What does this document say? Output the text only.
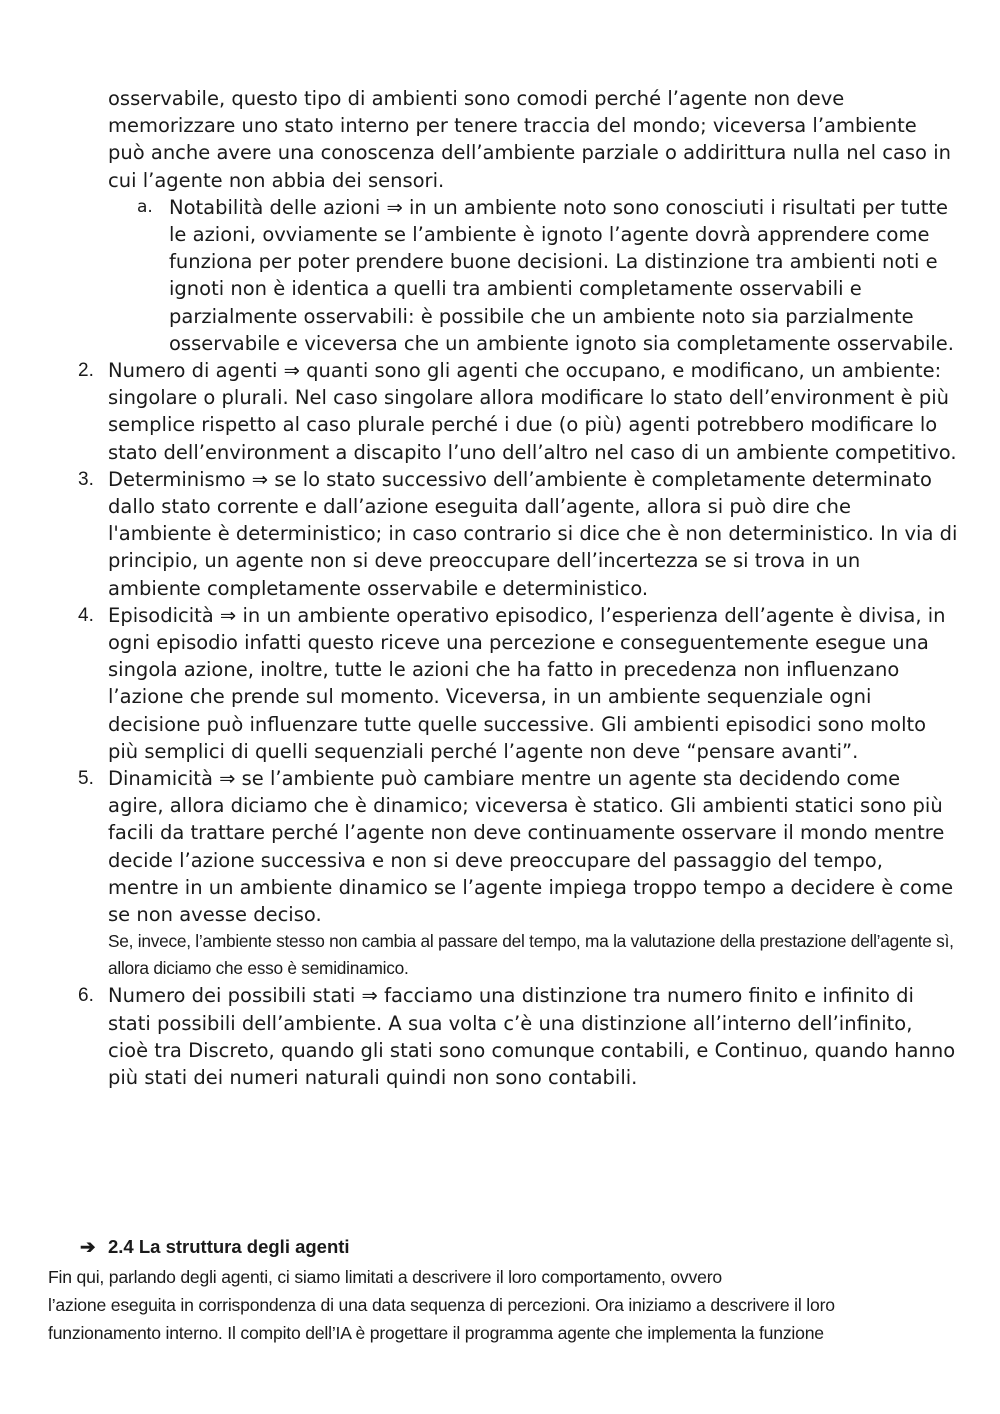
osservabile, questo tipo di ambienti sono comodi perché l’agente non deve memorizzare uno stato interno per tenere traccia del mondo; viceversa l’ambiente può anche avere una conoscenza dell’ambiente parziale o addirittura nulla nel caso in cui l’agente non abbia dei sensori.
a. Notabilità delle azioni ⇒ in un ambiente noto sono conosciuti i risultati per tutte le azioni, ovviamente se l’ambiente è ignoto l’agente dovrà apprendere come funziona per poter prendere buone decisioni. La distinzione tra ambienti noti e ignoti non è identica a quelli tra ambienti completamente osservabili e parzialmente osservabili: è possibile che un ambiente noto sia parzialmente osservabile e viceversa che un ambiente ignoto sia completamente osservabile.
2. Numero di agenti ⇒ quanti sono gli agenti che occupano, e modificano, un ambiente: singolare o plurali. Nel caso singolare allora modificare lo stato dell’environment è più semplice rispetto al caso plurale perché i due (o più) agenti potrebbero modificare lo stato dell’environment a discapito l’uno dell’altro nel caso di un ambiente competitivo.
3. Determinismo ⇒ se lo stato successivo dell’ambiente è completamente determinato dallo stato corrente e dall’azione eseguita dall’agente, allora si può dire che l'ambiente è deterministico; in caso contrario si dice che è non deterministico. In via di principio, un agente non si deve preoccupare dell’incertezza se si trova in un ambiente completamente osservabile e deterministico.
4. Episodicità ⇒ in un ambiente operativo episodico, l’esperienza dell’agente è divisa, in ogni episodio infatti questo riceve una percezione e conseguentemente esegue una singola azione, inoltre, tutte le azioni che ha fatto in precedenza non influenzano l’azione che prende sul momento. Viceversa, in un ambiente sequenziale ogni decisione può influenzare tutte quelle successive. Gli ambienti episodici sono molto più semplici di quelli sequenziali perché l’agente non deve “pensare avanti”.
5. Dinamicità ⇒ se l’ambiente può cambiare mentre un agente sta decidendo come agire, allora diciamo che è dinamico; viceversa è statico. Gli ambienti statici sono più facili da trattare perché l’agente non deve continuamente osservare il mondo mentre decide l’azione successiva e non si deve preoccupare del passaggio del tempo, mentre in un ambiente dinamico se l’agente impiega troppo tempo a decidere è come se non avesse deciso.
Se, invece, l’ambiente stesso non cambia al passare del tempo, ma la valutazione della prestazione dell’agente sì, allora diciamo che esso è semidinamico.
6. Numero dei possibili stati ⇒ facciamo una distinzione tra numero finito e infinito di stati possibili dell’ambiente. A sua volta c’è una distinzione all’interno dell’infinito, cioè tra Discreto, quando gli stati sono comunque contabili, e Continuo, quando hanno più stati dei numeri naturali quindi non sono contabili.
➔ 2.4 La struttura degli agenti
Fin qui, parlando degli agenti, ci siamo limitati a descrivere il loro comportamento, ovvero
l’azione eseguita in corrispondenza di una data sequenza di percezioni. Ora iniziamo a descrivere il loro
funzionamento interno. Il compito dell’IA è progettare il programma agente che implementa la funzione
